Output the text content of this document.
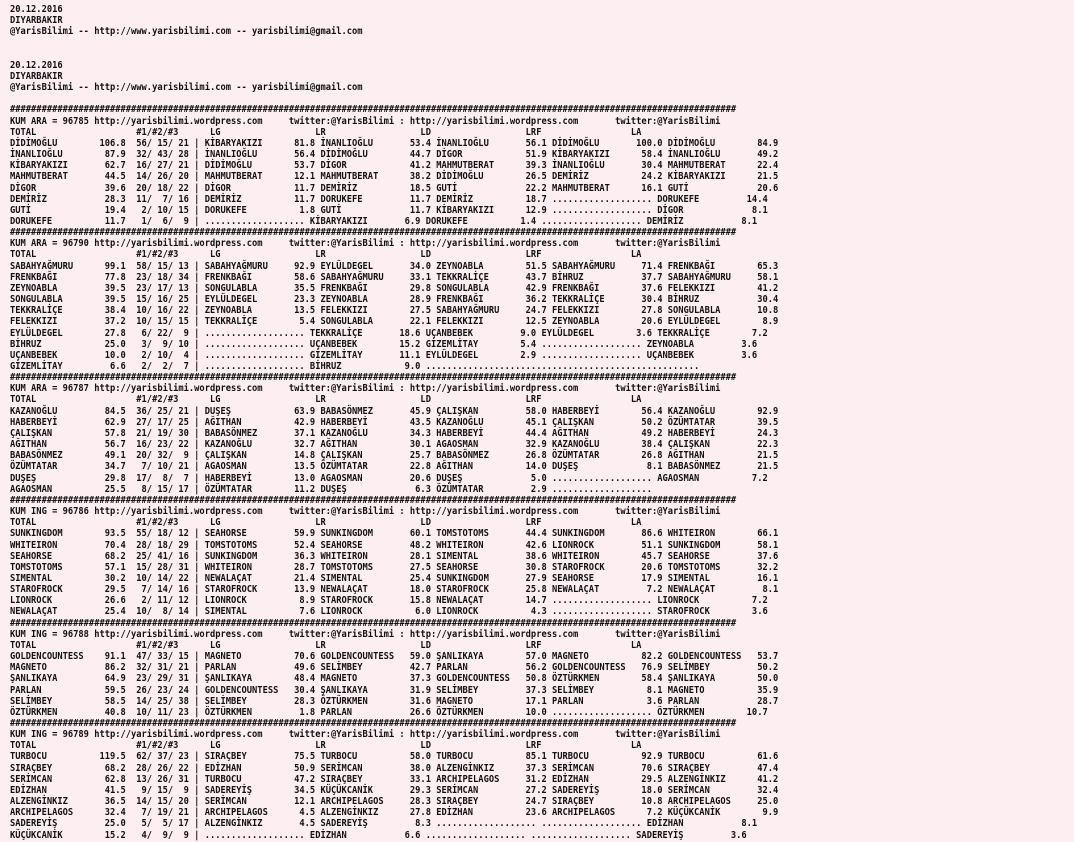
20.12.2016
DIYARBAKIR
@YarisBilimi -- http://www.yarisbilimi.com -- yarisbilimi@gmail.com

20.12.2016
DIYARBAKIR
@YarisBilimi -- http://www.yarisbilimi.com -- yarisbilimi@gmail.com

##########################################################################################################################################
KUM ARA = 96785 http://yarisbilimi.wordpress.com     twitter:@YarisBilimi : http://yarisbilimi.wordpress.com       twitter:@YarisBilimi
TOTAL                   #1/#2/#3      LG                  LR                  LD                  LRF                 LA
DİDİMOĞLU        106.8  56/ 15/ 21 | KİBARYAKIZI      81.8 İNANLIOĞLU       53.4 İNANLIOĞLU       56.1 DİDİMOĞLU       100.0 DİDİMOĞLU        84.9
İNANLIOĞLU        87.9  32/ 43/ 28 | İNANLIOĞLU       56.4 DİDİMOĞLU        44.7 DİGOR            51.9 KİBARYAKIZI      58.4 İNANLIOĞLU       49.2
KİBARYAKIZI       62.7  16/ 27/ 21 | DİDİMOĞLU        53.7 DİGOR            41.2 MAHMUTBERAT      39.3 İNANLIOĞLU       30.4 MAHMUTBERAT      22.4
MAHMUTBERAT       44.5  14/ 26/ 20 | MAHMUTBERAT      12.1 MAHMUTBERAT      38.2 DİDİMOĞLU        26.5 DEMİRİZ          24.2 KİBARYAKIZI      21.5
DİGOR             39.6  20/ 18/ 22 | DİGOR            11.7 DEMİRİZ          18.5 GUTİ             22.2 MAHMUTBERAT      16.1 GUTİ             20.6
DEMİRİZ           28.3  11/  7/ 16 | DEMİRİZ          11.7 DORUKEFE         11.7 DEMİRİZ          18.7 ................... DORUKEFE         14.4
GUTİ              19.4   2/ 10/ 15 | DORUKEFE          1.8 GUTİ             11.7 KİBARYAKIZI      12.9 ................... DİGOR             8.1
DORUKEFE          11.7   1/  6/  9 | ................... KİBARYAKIZI       6.9 DORUKEFE          1.4 ................... DEMİRİZ           8.1
##########################################################################################################################################
KUM ARA = 96790 http://yarisbilimi.wordpress.com     twitter:@YarisBilimi : http://yarisbilimi.wordpress.com       twitter:@YarisBilimi
TOTAL                   #1/#2/#3      LG                  LR                  LD                  LRF                 LA
SABAHYAĞMURU      99.1  58/ 15/ 13 | SABAHYAĞMURU     92.9 EYLÜLDEGEL       34.0 ZEYNOABLA        51.5 SABAHYAĞMURU     71.4 FRENKBAĞI        65.3
FRENKBAĞI         77.8  23/ 18/ 34 | FRENKBAĞI        58.6 SABAHYAĞMURU     33.1 TEKKRALİÇE       43.7 BİHRUZ           37.7 SABAHYAĞMURU     58.1
ZEYNOABLA         39.5  23/ 17/ 13 | SONGULABLA       35.5 FRENKBAĞI        29.8 SONGULABLA       42.9 FRENKBAĞI        37.6 FELEKKIZI        41.2
SONGULABLA        39.5  15/ 16/ 25 | EYLÜLDEGEL       23.3 ZEYNOABLA        28.9 FRENKBAĞI        36.2 TEKKRALİÇE       30.4 BİHRUZ           30.4
TEKKRALİÇE        38.4  10/ 16/ 22 | ZEYNOABLA        13.5 FELEKKIZI        27.5 SABAHYAĞMURU     24.7 FELEKKIZI        27.8 SONGULABLA       10.8
FELEKKIZI         37.2  10/ 15/ 15 | TEKKRALİÇE        5.4 SONGULABLA       22.1 FELEKKIZI        12.5 ZEYNOABLA        20.6 EYLÜLDEGEL        8.9
EYLÜLDEGEL        27.8   6/ 22/  9 | ................... TEKKRALİÇE       18.6 UÇANBEBEK         9.0 EYLÜLDEGEL        3.6 TEKKRALİÇE        7.2
BİHRUZ            25.0   3/  9/ 10 | ................... UÇANBEBEK        15.2 GİZEMLİTAY        5.4 ................... ZEYNOABLA         3.6
UÇANBEBEK         10.0   2/ 10/  4 | ................... GİZEMLİTAY       11.1 EYLÜLDEGEL        2.9 ................... UÇANBEBEK         3.6
GİZEMLİTAY         6.6   2/  2/  7 | ................... BİHRUZ            9.0 ....................................................
##########################################################################################################################################
KUM ARA = 96787 http://yarisbilimi.wordpress.com     twitter:@YarisBilimi : http://yarisbilimi.wordpress.com       twitter:@YarisBilimi
TOTAL                   #1/#2/#3      LG                  LR                  LD                  LRF                 LA
KAZANOĞLU         84.5  36/ 25/ 21 | DUŞEŞ            63.9 BABASÖNMEZ       45.9 ÇALIŞKAN         58.0 HABERBEYİ        56.4 KAZANOĞLU        92.9
HABERBEYİ         62.9  27/ 17/ 25 | AĞITHAN          42.9 HABERBEYİ        43.5 KAZANOĞLU        45.1 ÇALIŞKAN         50.2 ÖZÜMTATAR        39.5
ÇALIŞKAN          57.8  21/ 19/ 30 | BABASÖNMEZ       37.1 KAZANOĞLU        34.3 HABERBEYİ        44.4 AĞITHAN          49.2 HABERBEYİ        24.3
AĞITHAN           56.7  16/ 23/ 22 | KAZANOĞLU        32.7 AĞITHAN          30.1 AGAOSMAN         32.9 KAZANOĞLU        38.4 ÇALIŞKAN         22.3
BABASÖNMEZ        49.1  20/ 32/  9 | ÇALIŞKAN         14.8 ÇALIŞKAN         25.7 BABASÖNMEZ       26.8 ÖZÜMTATAR        26.8 AĞITHAN          21.5
ÖZÜMTATAR         34.7   7/ 10/ 21 | AGAOSMAN         13.5 ÖZÜMTATAR        22.8 AĞITHAN          14.0 DUŞEŞ             8.1 BABASÖNMEZ       21.5
DUŞEŞ             29.8  17/  8/  7 | HABERBEYİ        13.0 AGAOSMAN         20.6 DUŞEŞ             5.0 ................... AGAOSMAN          7.2
AGAOSMAN          25.5   8/ 15/ 17 | ÖZÜMTATAR        11.2 DUŞEŞ             6.3 ÖZÜMTATAR         2.9 ...................
##########################################################################################################################################
KUM ING = 96786 http://yarisbilimi.wordpress.com     twitter:@YarisBilimi : http://yarisbilimi.wordpress.com       twitter:@YarisBilimi
TOTAL                   #1/#2/#3      LG                  LR                  LD                  LRF                 LA
SUNKINGDOM        93.5  55/ 18/ 12 | SEAHORSE         59.9 SUNKINGDOM       60.1 TOMSTOTOMS       44.4 SUNKINGDOM       86.6 WHITEIRON        66.1
WHITEIRON         70.4  28/ 18/ 29 | TOMSTOTOMS       52.4 SEAHORSE         48.2 WHITEIRON        42.6 LIONROCK         51.1 SUNKINGDOM       58.1
SEAHORSE          68.2  25/ 41/ 16 | SUNKINGDOM       36.3 WHITEIRON        28.1 SIMENTAL         38.6 WHITEIRON        45.7 SEAHORSE         37.6
TOMSTOTOMS        57.1  15/ 28/ 31 | WHITEIRON        28.7 TOMSTOTOMS       27.5 SEAHORSE         30.8 STAROFROCK       20.6 TOMSTOTOMS       32.2
SIMENTAL          30.2  10/ 14/ 22 | NEWALAÇAT        21.4 SIMENTAL         25.4 SUNKINGDOM       27.9 SEAHORSE         17.9 SIMENTAL         16.1
STAROFROCK        29.5   7/ 14/ 16 | STAROFROCK       13.9 NEWALAÇAT        18.0 STAROFROCK       25.8 NEWALAÇAT         7.2 NEWALAÇAT         8.1
LIONROCK          26.6   2/ 11/ 12 | LIONROCK          8.9 STAROFROCK       15.8 NEWALAÇAT        14.7 ................... LIONROCK          7.2
NEWALAÇAT         25.4  10/  8/ 14 | SIMENTAL          7.6 LIONROCK          6.0 LIONROCK          4.3 ................... STAROFROCK        3.6
##########################################################################################################################################
KUM ING = 96788 http://yarisbilimi.wordpress.com     twitter:@YarisBilimi : http://yarisbilimi.wordpress.com       twitter:@YarisBilimi
TOTAL                   #1/#2/#3      LG                  LR                  LD                  LRF                 LA
GOLDENCOUNTESS    91.1  47/ 33/ 15 | MAGNETO          70.6 GOLDENCOUNTESS   59.0 ŞANLIKAYA        57.0 MAGNETO          82.2 GOLDENCOUNTESS   53.7
MAGNETO           86.2  32/ 31/ 21 | PARLAN           49.6 SELİMBEY         42.7 PARLAN           56.2 GOLDENCOUNTESS   76.9 SELİMBEY         50.2
ŞANLIKAYA         64.9  23/ 29/ 31 | ŞANLIKAYA        48.4 MAGNETO          37.3 GOLDENCOUNTESS   50.8 ÖZTÜRKMEN        58.4 ŞANLIKAYA        50.0
PARLAN            59.5  26/ 23/ 24 | GOLDENCOUNTESS   30.4 ŞANLIKAYA        31.9 SELİMBEY         37.3 SELİMBEY          8.1 MAGNETO          35.9
SELİMBEY          58.5  14/ 25/ 38 | SELİMBEY         28.3 ÖZTÜRKMEN        31.6 MAGNETO          17.1 PARLAN            3.6 PARLAN           28.7
ÖZTÜRKMEN         40.8  10/ 11/ 23 | ÖZTÜRKMEN         1.8 PARLAN           26.6 ÖZTÜRKMEN        10.0 ................... ÖZTÜRKMEN        10.7
##########################################################################################################################################
KUM ING = 96789 http://yarisbilimi.wordpress.com     twitter:@YarisBilimi : http://yarisbilimi.wordpress.com       twitter:@YarisBilimi
TOTAL                   #1/#2/#3      LG                  LR                  LD                  LRF                 LA
TURBOCU          119.5  62/ 37/ 23 | SIRAÇBEY         75.5 TURBOCU          58.0 TURBOCU          85.1 TURBOCU          92.9 TURBOCU          61.6
SIRAÇBEY          68.2  28/ 26/ 22 | EDİZHAN          50.9 SERİMCAN         38.0 ALZENGİNKIZ      37.3 SERİMCAN         70.6 SIRAÇBEY         47.4
SERİMCAN          62.8  13/ 26/ 31 | TURBOCU          47.2 SIRAÇBEY         33.1 ARCHIPELAGOS     31.2 EDİZHAN          29.5 ALZENGİNKIZ      41.2
EDİZHAN           41.5   9/ 15/  9 | SADEREYİŞ        34.5 KÜÇÜKCANİK       29.3 SERİMCAN         27.2 SADEREYİŞ        18.0 SERİMCAN         32.4
ALZENGİNKIZ       36.5  14/ 15/ 20 | SERİMCAN         12.1 ARCHIPELAGOS     28.3 SIRAÇBEY         24.7 SIRAÇBEY         10.8 ARCHIPELAGOS     25.0
ARCHIPELAGOS      32.4   7/ 19/ 21 | ARCHIPELAGOS      4.5 ALZENGİNKIZ      27.8 EDİZHAN          23.6 ARCHIPELAGOS      7.2 KÜÇÜKCANİK        9.9
SADEREYİŞ         25.0   5/  5/ 17 | ALZENGİNKIZ       4.5 SADEREYİŞ         8.3 ................... ................... EDİZHAN           8.1
KÜÇÜKCANİK        15.2   4/  9/  9 | ................... EDİZHAN           6.6 ................... ................... SADEREYİŞ         3.6
